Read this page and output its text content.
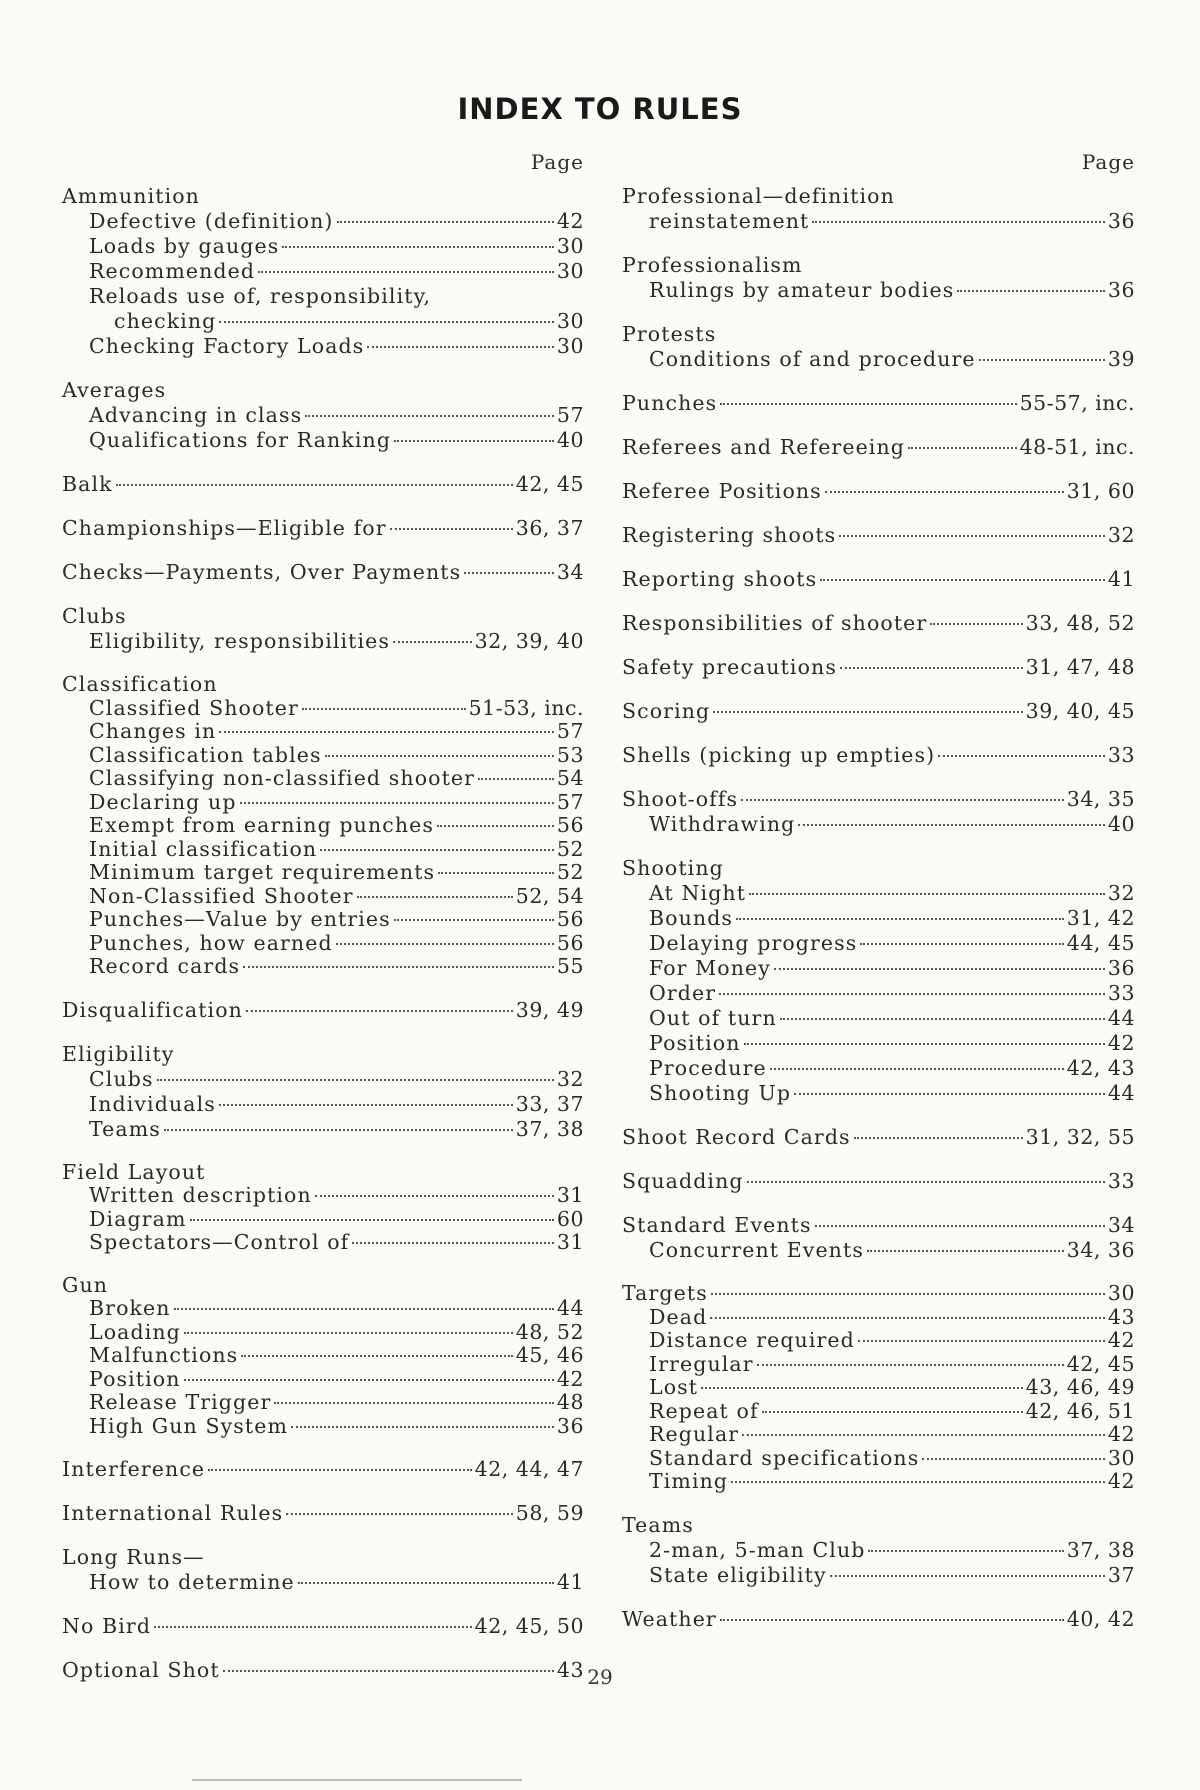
INDEX TO RULES
Page
Ammunition
Defective (definition)	42
Loads by gauges	30
Recommended	30
Reloads use of, responsibility,
checking	30
Checking Factory Loads	30
Averages
Advancing in class	57
Qualifications for Ranking	40
Balk	42, 45
Championships—Eligible for	36, 37
Checks—Payments, Over Payments	34
Clubs
Eligibility, responsibilities	32, 39, 40
Classification
Classified Shooter	51-53, inc.
Changes in	57
Classification tables	53
Classifying non-classified shooter	54
Declaring up	57
Exempt from earning punches	56
Initial classification	52
Minimum target requirements	52
Non-Classified Shooter	52, 54
Punches—Value by entries	56
Punches, how earned	56
Record cards	55
Disqualification	39, 49
Eligibility
Clubs	32
Individuals	33, 37
Teams	37, 38
Field Layout
Written description	31
Diagram	60
Spectators—Control of	31
Gun
Broken	44
Loading	48, 52
Malfunctions	45, 46
Position	42
Release Trigger	48
High Gun System	36
Interference	42, 44, 47
International Rules	58, 59
Long Runs—
How to determine	41
No Bird	42, 45, 50
Optional Shot	43
Page
Professional—definition
reinstatement	36
Professionalism
Rulings by amateur bodies	36
Protests
Conditions of and procedure	39
Punches	55-57, inc.
Referees and Refereeing	48-51, inc.
Referee Positions	31, 60
Registering shoots	32
Reporting shoots	41
Responsibilities of shooter	33, 48, 52
Safety precautions	31, 47, 48
Scoring	39, 40, 45
Shells (picking up empties)	33
Shoot-offs	34, 35
Withdrawing	40
Shooting
At Night	32
Bounds	31, 42
Delaying progress	44, 45
For Money	36
Order	33
Out of turn	44
Position	42
Procedure	42, 43
Shooting Up	44
Shoot Record Cards	31, 32, 55
Squadding	33
Standard Events	34
Concurrent Events	34, 36
Targets	30
Dead	43
Distance required	42
Irregular	42, 45
Lost	43, 46, 49
Repeat of	42, 46, 51
Regular	42
Standard specifications	30
Timing	42
Teams
2-man, 5-man Club	37, 38
State eligibility	37
Weather	40, 42
29
